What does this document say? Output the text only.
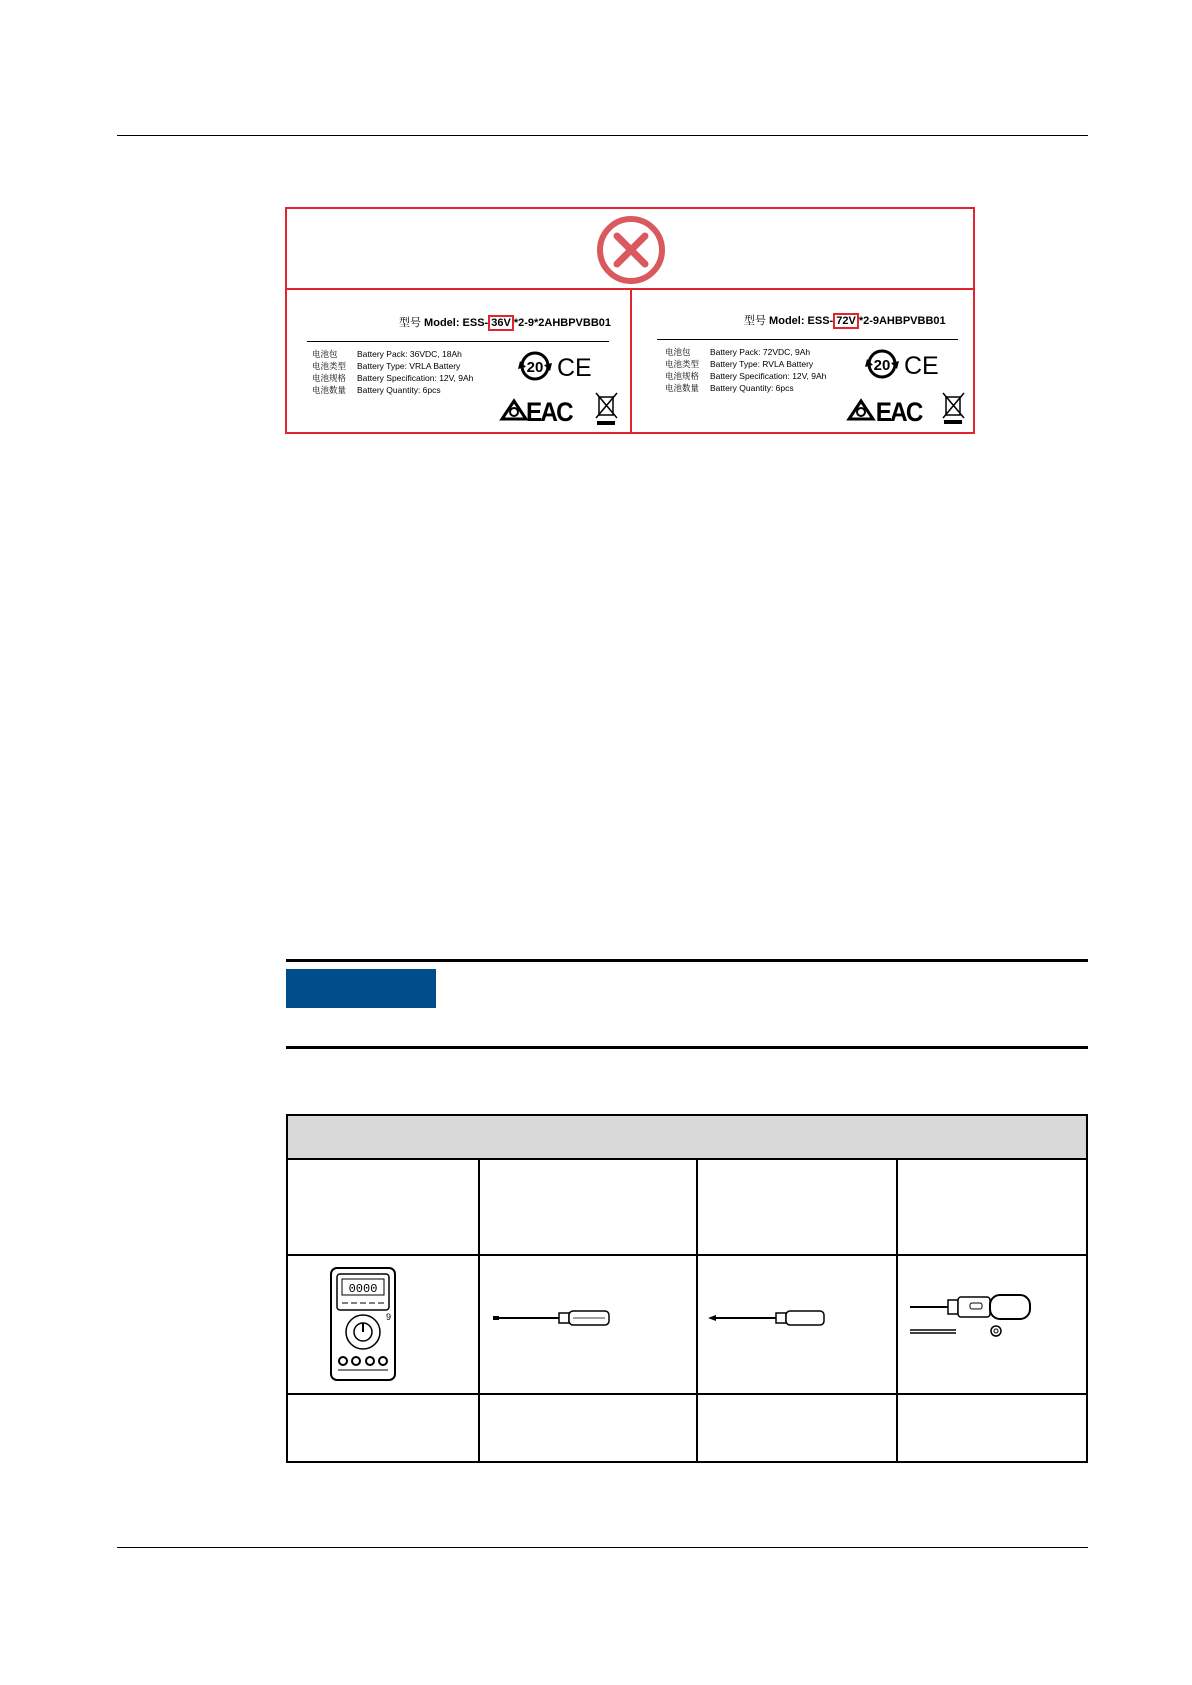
型号 Model: ESS- 36V *2-9*2AHBPVBB01
电池包 Battery Pack: 36VDC, 18Ah
电池类型 Battery Type: VRLA Battery
电池规格 Battery Specification: 12V, 9Ah
电池数量 Battery Quantity: 6pcs
20 CE
EAC
型号 Model: ESS- 72V *2-9AHBPVBB01
电池包 Battery Pack: 72VDC, 9Ah
电池类型 Battery Type: RVLA Battery
电池规格 Battery Specification: 12V, 9Ah
电池数量 Battery Quantity: 6pcs
20 CE
EAC
0000
9
